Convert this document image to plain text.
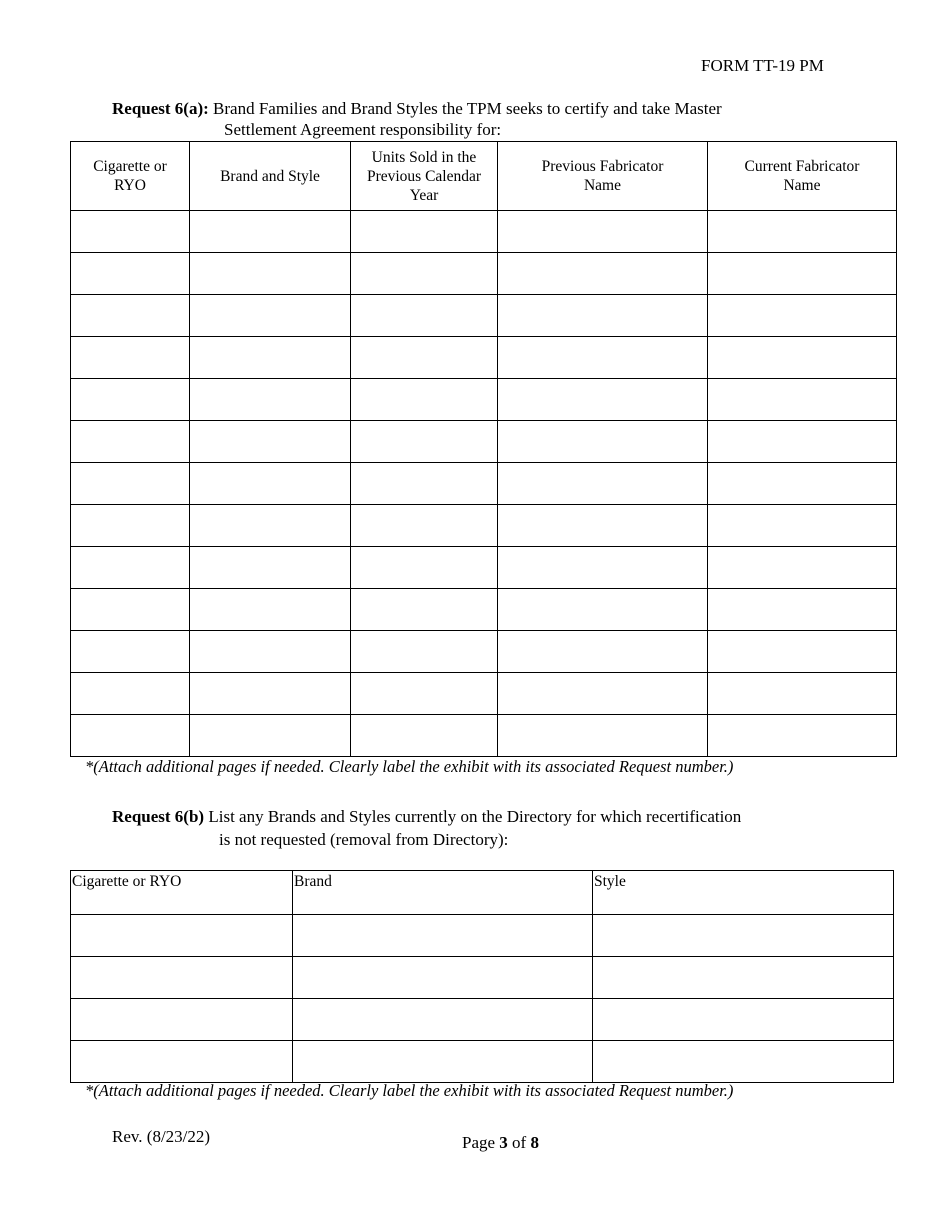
FORM TT-19 PM
Request 6(a): Brand Families and Brand Styles the TPM seeks to certify and take Master
Settlement Agreement responsibility for:
Cigarette or
RYO	Brand and Style	Units Sold in the
Previous Calendar
Year	Previous Fabricator
Name	Current Fabricator
Name

*(Attach additional pages if needed. Clearly label the exhibit with its associated Request number.)
Request 6(b) List any Brands and Styles currently on the Directory for which recertification
is not requested (removal from Directory):
Cigarette or RYO	Brand	Style

*(Attach additional pages if needed. Clearly label the exhibit with its associated Request number.)
Rev. (8/23/22)	Page 3 of 8
